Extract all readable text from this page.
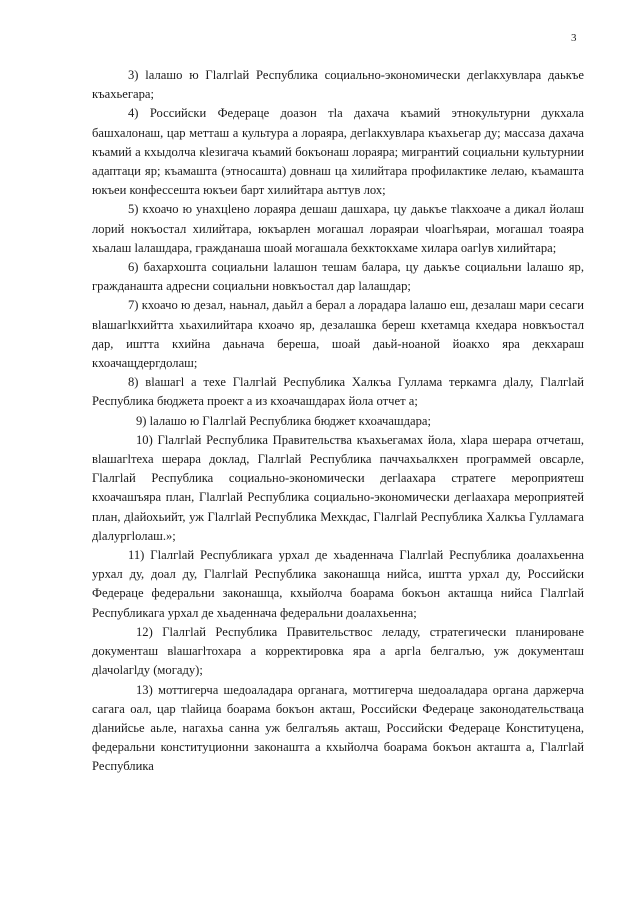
3

3) lалашо ю Гlалгlай Республика социально-экономически дегlакхувлара даькъе къахьегара;

4) Российски Федераце доазон тlа дахача къамий этнокультурни дукхала башхалонаш, цар метташ а культура а лораяра, дегlакхувлара къахьегар ду; массаза дахача къамий а кхыдолча кlезигача къамий бокъонаш лораяра; мигрантий социальни культурнии адаптаци яр; къамашта (этносашта) довнаш ца хилийтара профилактике лелаю, къамашта юкъеи конфессешта юкъеи барт хилийтара аьттув лох;

5) кхоачо ю унахцlено лораяра дешаш дашхара, цу даькъе тlакхоаче а дикал йолаш лорий нокъостал хилийтара, юкъарлен могашал лораяраи чlоагlъяраи, могашал тоаяра хьалаш lалашдара, гражданаша шоай могашала бехктокхаме хилара оагlув хилийтара;

6) бахархошта социальни lалашон тешам балара, цу даькъе социальни lалашо яр, гражданашта адресни социальни новкъостал дар lалашдар;

7) кхоачо ю дезал, наьнал, даьйл а берал а лорадара lалашо еш, дезалаш мари сесаги вlашагlкхийтта хьахилийтара кхоачо яр, дезалашка береш кхетамца кхедара новкъостал дар, иштта кхийна даьнача береша, шоай даьй-ноаной йоакхо яра декхараш кхоачащдергдолаш;

8) вlашагl а техе Гlалгlай Республика Халкъа Гуллама теркамга дlалу, Гlалгlай Республика бюджета проект а из кхоачашдарах йола отчет а;

9) lалашо ю Гlалгlай Республика бюджет кхоачашдара;

10) Гlалгlай Республика Правительства къахьегамах йола, хlара шерара отчеташ, вlашагlтеха шерара доклад, Гlалгlай Республика паччахьалкхен программей овсарле, Гlалгlай Республика социально-экономически дегlаахара стратеге мероприятеш кхоачашъяра план, Гlалгlай Республика социально-экономически дегlаахара мероприятей план, дlайохьийт, уж Гlалгlай Республика Мехкдас, Гlалгlай Республика Халкъа Гулламага дlалургlолаш.»;

11) Гlалгlай Республикага урхал де хьаденнача Гlалгlай Республика доалахьенна урхал ду, доал ду, Гlалгlай Республика законашца нийса, иштта урхал ду, Российски Федераце федеральни законашца, кхыйолча боарама бокъон акташца нийса Гlалгlай Республикага урхал де хьаденнача федеральни доалахьенна;

12) Гlалгlай Республика Правительствос леладу, стратегически планироване документаш вlашагlтохара а корректировка яра а аргlа белгалъю, уж документаш дlачоlагlду (могаду);

13) моттигерча шедоаладара органага, моттигерча шедоаладара органа даржерча сагага оал, цар тlайица боарама бокъон акташ, Российски Федераце законодательстваца дlанийсье аьле, нагахьа санна уж белгалъяь акташ, Российски Федераце Конституцена, федеральни конституционни законашта а кхыйолча боарама бокъон акташта а, Гlалгlай Республика
